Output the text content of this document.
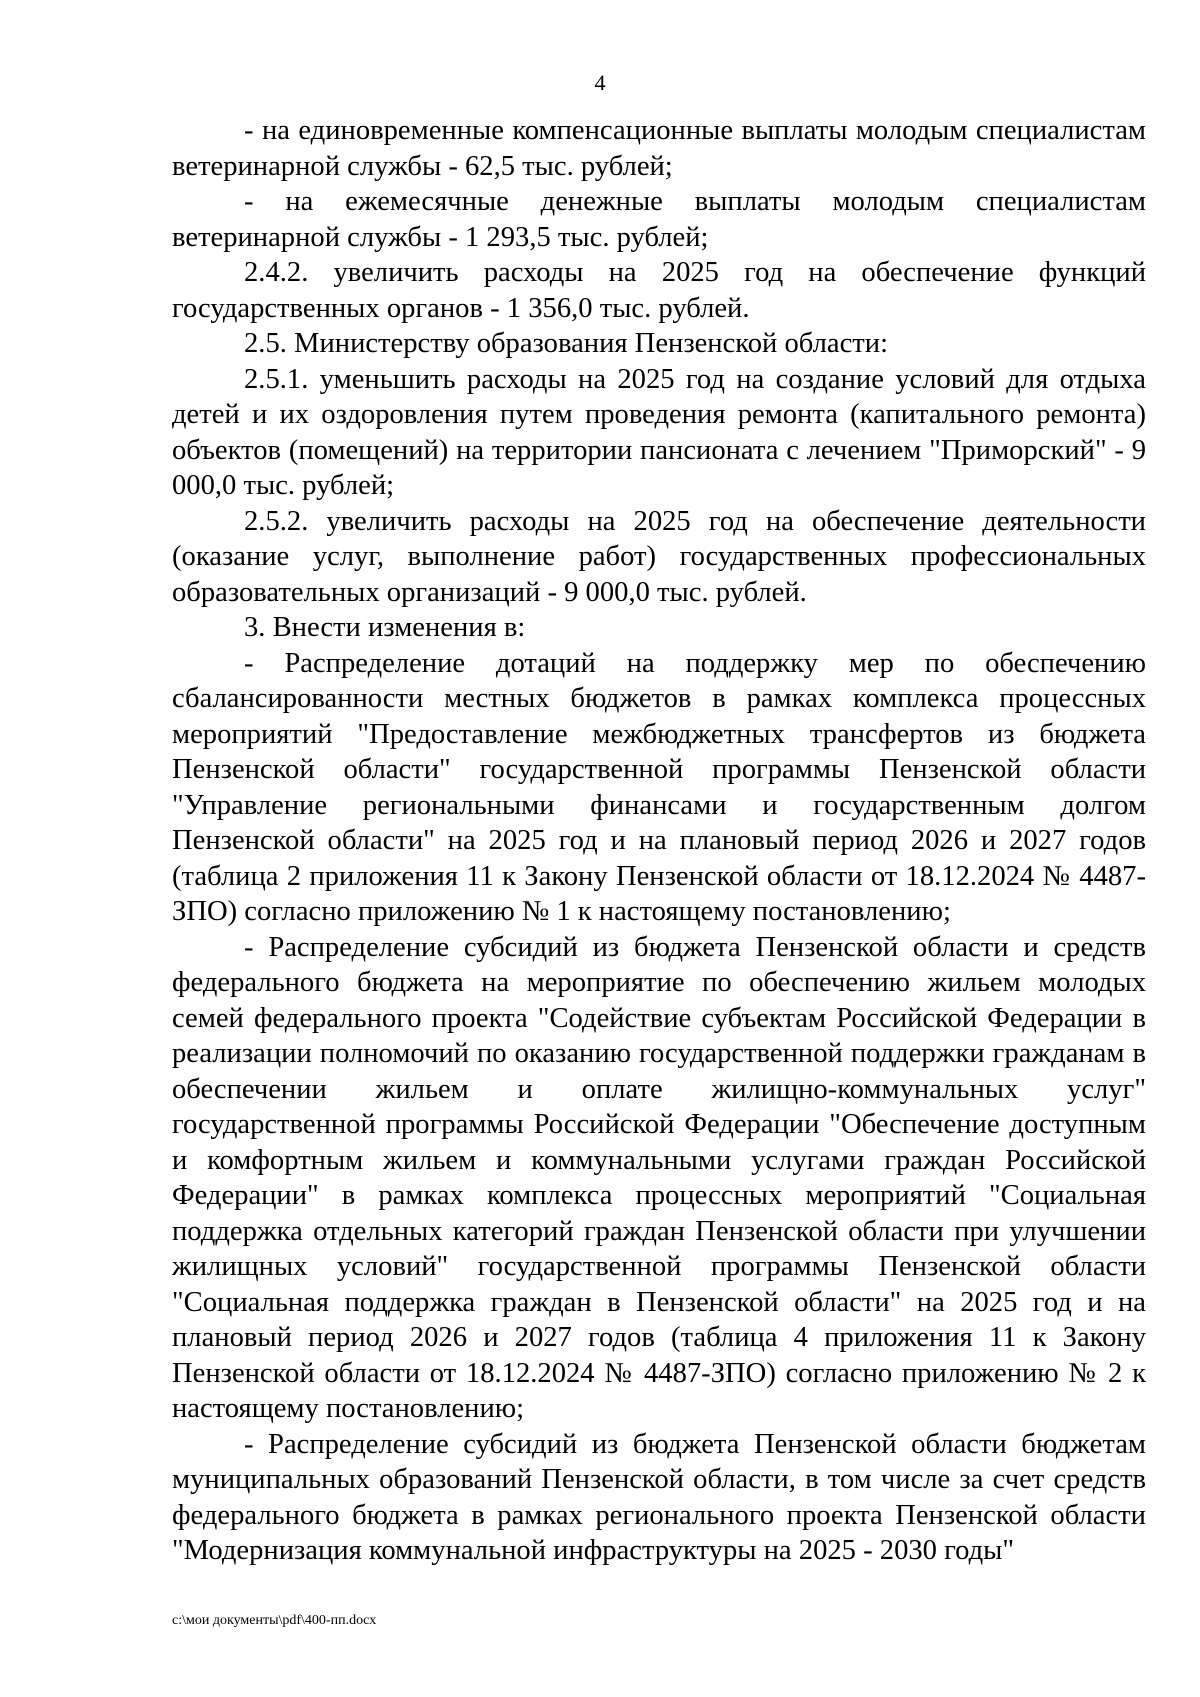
4

- на единовременные компенсационные выплаты молодым специалистам ветеринарной службы - 62,5 тыс. рублей;

- на ежемесячные денежные выплаты молодым специалистам ветеринарной службы - 1 293,5 тыс. рублей;

2.4.2. увеличить расходы на 2025 год на обеспечение функций государственных органов - 1 356,0 тыс. рублей.

2.5. Министерству образования Пензенской области:

2.5.1. уменьшить расходы на 2025 год на создание условий для отдыха детей и их оздоровления путем проведения ремонта (капитального ремонта) объектов (помещений) на территории пансионата с лечением "Приморский" - 9 000,0 тыс. рублей;

2.5.2. увеличить расходы на 2025 год на обеспечение деятельности (оказание услуг, выполнение работ) государственных профессиональных образовательных организаций - 9 000,0 тыс. рублей.

3. Внести изменения в:

- Распределение дотаций на поддержку мер по обеспечению сбалансированности местных бюджетов в рамках комплекса процессных мероприятий "Предоставление межбюджетных трансфертов из бюджета Пензенской области" государственной программы Пензенской области "Управление региональными финансами и государственным долгом Пензенской области" на 2025 год и на плановый период 2026 и 2027 годов (таблица 2 приложения 11 к Закону Пензенской области от 18.12.2024 № 4487-ЗПО) согласно приложению № 1 к настоящему постановлению;

- Распределение субсидий из бюджета Пензенской области и средств федерального бюджета на мероприятие по обеспечению жильем молодых семей федерального проекта "Содействие субъектам Российской Федерации в реализации полномочий по оказанию государственной поддержки гражданам в обеспечении жильем и оплате жилищно-коммунальных услуг" государственной программы Российской Федерации "Обеспечение доступным и комфортным жильем и коммунальными услугами граждан Российской Федерации" в рамках комплекса процессных мероприятий "Социальная поддержка отдельных категорий граждан Пензенской области при улучшении жилищных условий" государственной программы Пензенской области "Социальная поддержка граждан в Пензенской области" на 2025 год и на плановый период 2026 и 2027 годов (таблица 4 приложения 11 к Закону Пензенской области от 18.12.2024 № 4487-ЗПО) согласно приложению № 2 к настоящему постановлению;

- Распределение субсидий из бюджета Пензенской области бюджетам муниципальных образований Пензенской области, в том числе за счет средств федерального бюджета в рамках регионального проекта Пензенской области "Модернизация коммунальной инфраструктуры на 2025 - 2030 годы"

c:\мои документы\pdf\400-пп.docx
